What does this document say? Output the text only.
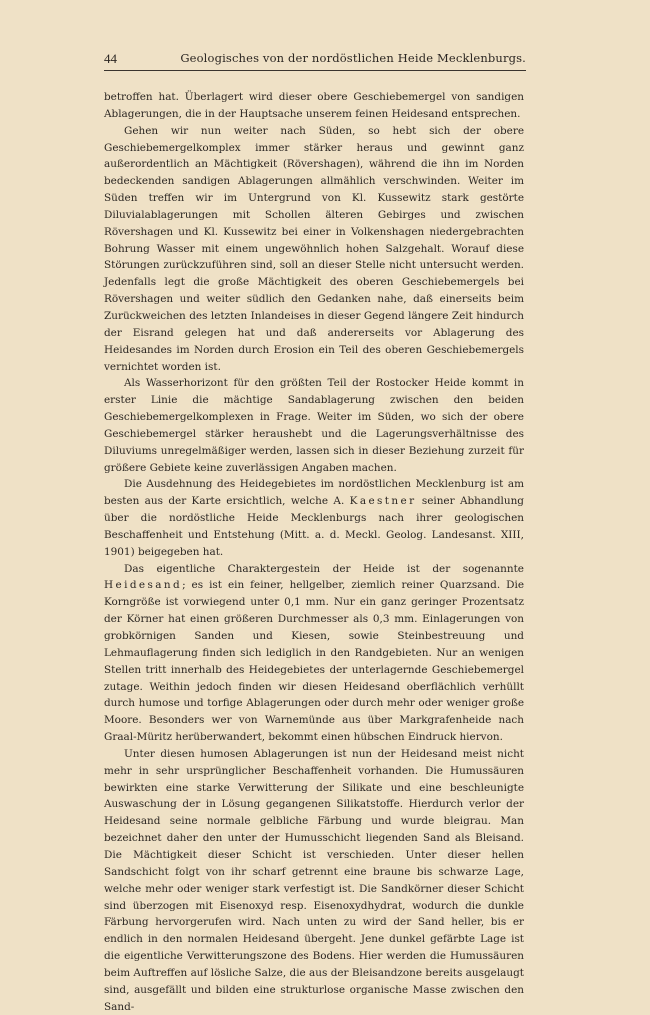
44	Geologisches von der nordöstlichen Heide Mecklenburgs.

betroffen hat. Überlagert wird dieser obere Geschiebemergel von sandigen Ablagerungen, die in der Hauptsache unserem feinen Heidesand entsprechen.

Gehen wir nun weiter nach Süden, so hebt sich der obere Geschiebemergelkomplex immer stärker heraus und gewinnt ganz außerordentlich an Mächtigkeit (Rövershagen), während die ihn im Norden bedeckenden sandigen Ablagerungen allmählich verschwinden. Weiter im Süden treffen wir im Untergrund von Kl. Kussewitz stark gestörte Diluvialablagerungen mit Schollen älteren Gebirges und zwischen Rövershagen und Kl. Kussewitz bei einer in Volkenshagen niedergebrachten Bohrung Wasser mit einem ungewöhnlich hohen Salzgehalt. Worauf diese Störungen zurückzuführen sind, soll an dieser Stelle nicht untersucht werden. Jedenfalls legt die große Mächtigkeit des oberen Geschiebemergels bei Rövershagen und weiter südlich den Gedanken nahe, daß einerseits beim Zurückweichen des letzten Inlandeises in dieser Gegend längere Zeit hindurch der Eisrand gelegen hat und daß andererseits vor Ablagerung des Heidesandes im Norden durch Erosion ein Teil des oberen Geschiebemergels vernichtet worden ist.

Als Wasserhorizont für den größten Teil der Rostocker Heide kommt in erster Linie die mächtige Sandablagerung zwischen den beiden Geschiebemergelkomplexen in Frage. Weiter im Süden, wo sich der obere Geschiebemergel stärker heraushebt und die Lagerungsverhältnisse des Diluviums unregelmäßiger werden, lassen sich in dieser Beziehung zurzeit für größere Gebiete keine zuverlässigen Angaben machen.

Die Ausdehnung des Heidegebietes im nordöstlichen Mecklenburg ist am besten aus der Karte ersichtlich, welche A. Kaestner seiner Abhandlung über die nordöstliche Heide Mecklenburgs nach ihrer geologischen Beschaffenheit und Entstehung (Mitt. a. d. Meckl. Geolog. Landesanst. XIII, 1901) beigegeben hat.

Das eigentliche Charaktergestein der Heide ist der sogenannte Heidesand; es ist ein feiner, hellgelber, ziemlich reiner Quarzsand. Die Korngröße ist vorwiegend unter 0,1 mm. Nur ein ganz geringer Prozentsatz der Körner hat einen größeren Durchmesser als 0,3 mm. Einlagerungen von grobkörnigen Sanden und Kiesen, sowie Steinbestreuung und Lehmauflagerung finden sich lediglich in den Randgebieten. Nur an wenigen Stellen tritt innerhalb des Heidegebietes der unterlagernde Geschiebemergel zutage. Weithin jedoch finden wir diesen Heidesand oberflächlich verhüllt durch humose und torfige Ablagerungen oder durch mehr oder weniger große Moore. Besonders wer von Warnemünde aus über Markgrafenheide nach Graal-Müritz herüberwandert, bekommt einen hübschen Eindruck hiervon.

Unter diesen humosen Ablagerungen ist nun der Heidesand meist nicht mehr in sehr ursprünglicher Beschaffenheit vorhanden. Die Humussäuren bewirkten eine starke Verwitterung der Silikate und eine beschleunigte Auswaschung der in Lösung gegangenen Silikatstoffe. Hierdurch verlor der Heidesand seine normale gelbliche Färbung und wurde bleigrau. Man bezeichnet daher den unter der Humusschicht liegenden Sand als Bleisand. Die Mächtigkeit dieser Schicht ist verschieden. Unter dieser hellen Sandschicht folgt von ihr scharf getrennt eine braune bis schwarze Lage, welche mehr oder weniger stark verfestigt ist. Die Sandkörner dieser Schicht sind überzogen mit Eisenoxyd resp. Eisenoxydhydrat, wodurch die dunkle Färbung hervorgerufen wird. Nach unten zu wird der Sand heller, bis er endlich in den normalen Heidesand übergeht. Jene dunkel gefärbte Lage ist die eigentliche Verwitterungszone des Bodens. Hier werden die Humussäuren beim Auftreffen auf lösliche Salze, die aus der Bleisandzone bereits ausgelaugt sind, ausgefällt und bilden eine strukturlose organische Masse zwischen den Sand-
